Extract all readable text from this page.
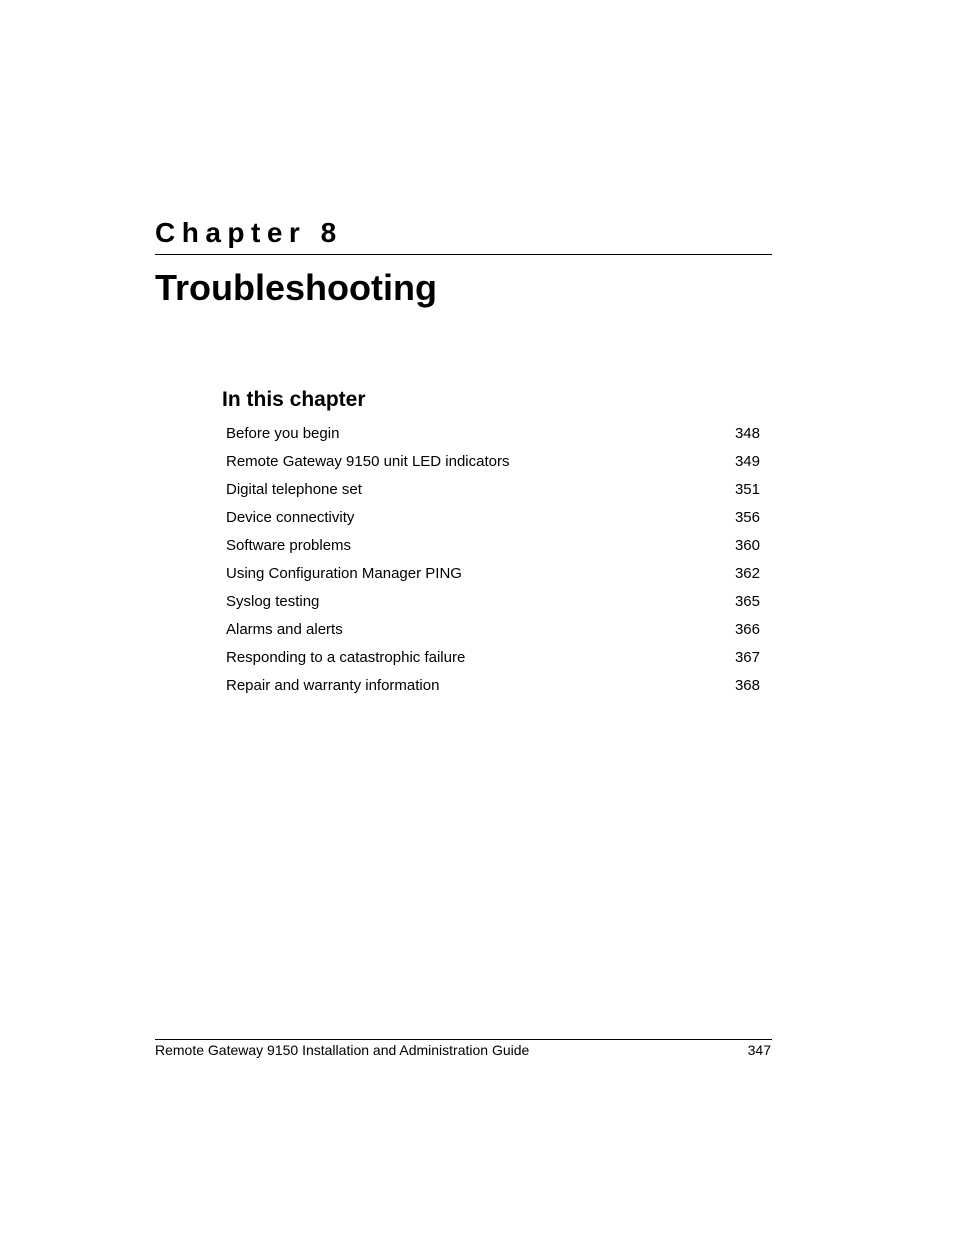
Chapter 8
Troubleshooting
In this chapter
Before you begin	348
Remote Gateway 9150 unit LED indicators	349
Digital telephone set	351
Device connectivity	356
Software problems	360
Using Configuration Manager PING	362
Syslog testing	365
Alarms and alerts	366
Responding to a catastrophic failure	367
Repair and warranty information	368
Remote Gateway 9150 Installation and Administration Guide	347
